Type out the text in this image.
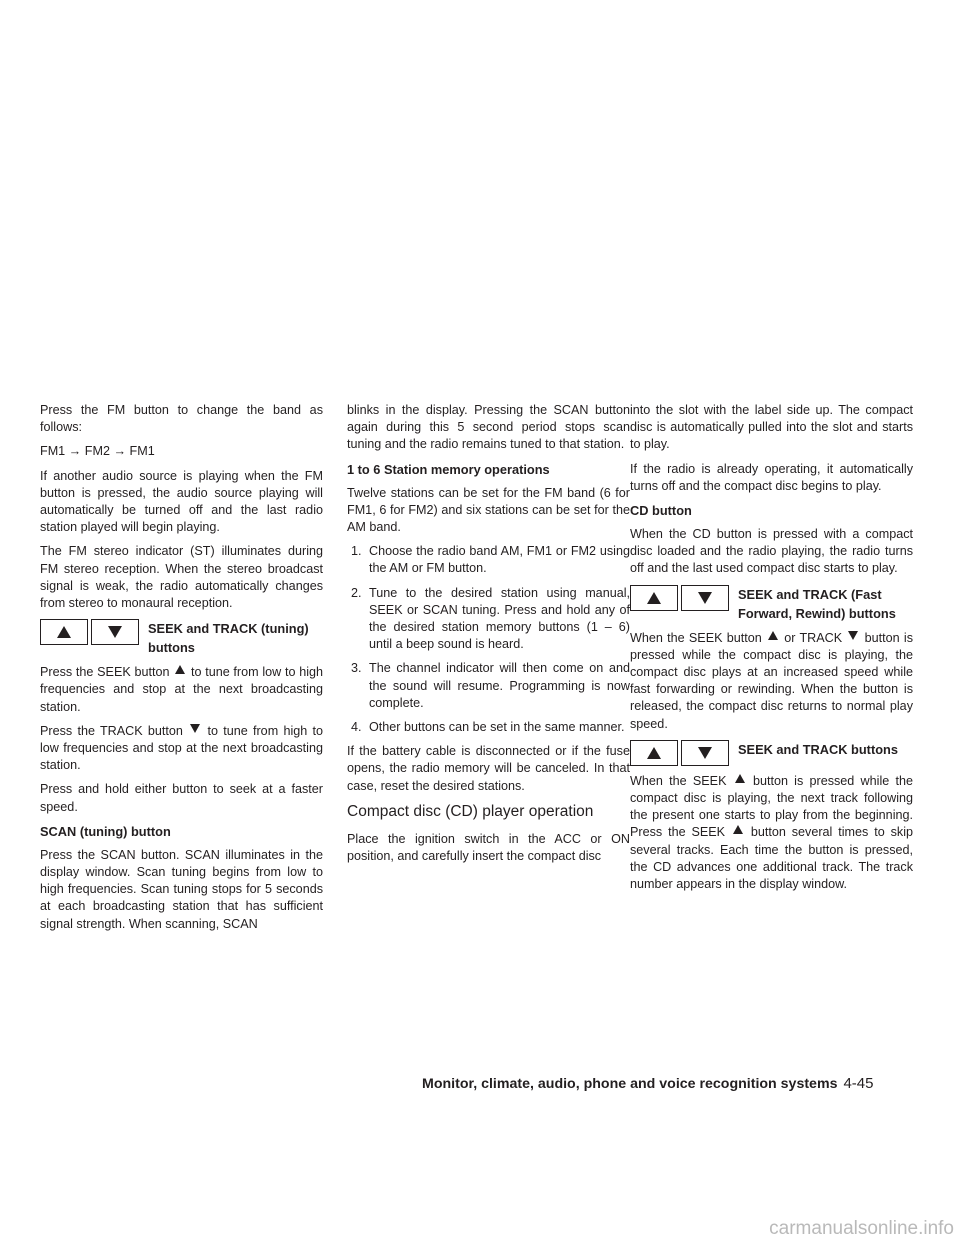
Press the FM button to change the band as follows:

FM1 → FM2 → FM1

If another audio source is playing when the FM button is pressed, the audio source playing will automatically be turned off and the last radio station played will begin playing.

The FM stereo indicator (ST) illuminates during FM stereo reception. When the stereo broadcast signal is weak, the radio automatically changes from stereo to monaural reception.

SEEK and TRACK (tuning)
buttons

Press the SEEK button to tune from low to high frequencies and stop at the next broadcasting station.

Press the TRACK button to tune from high to low frequencies and stop at the next broadcasting station.

Press and hold either button to seek at a faster speed.

SCAN (tuning) button

Press the SCAN button. SCAN illuminates in the display window. Scan tuning begins from low to high frequencies. Scan tuning stops for 5 seconds at each broadcasting station that has sufficient signal strength. When scanning, SCAN

blinks in the display. Pressing the SCAN button again during this 5 second period stops scan tuning and the radio remains tuned to that station.

1 to 6 Station memory operations

Twelve stations can be set for the FM band (6 for FM1, 6 for FM2) and six stations can be set for the AM band.

1. Choose the radio band AM, FM1 or FM2 using the AM or FM button.
2. Tune to the desired station using manual, SEEK or SCAN tuning. Press and hold any of the desired station memory buttons (1 – 6) until a beep sound is heard.
3. The channel indicator will then come on and the sound will resume. Programming is now complete.
4. Other buttons can be set in the same manner.

If the battery cable is disconnected or if the fuse opens, the radio memory will be canceled. In that case, reset the desired stations.

Compact disc (CD) player operation

Place the ignition switch in the ACC or ON position, and carefully insert the compact disc

into the slot with the label side up. The compact disc is automatically pulled into the slot and starts to play.

If the radio is already operating, it automatically turns off and the compact disc begins to play.

CD button

When the CD button is pressed with a compact disc loaded and the radio playing, the radio turns off and the last used compact disc starts to play.

SEEK and TRACK (Fast
Forward, Rewind) buttons

When the SEEK button or TRACK button is pressed while the compact disc is playing, the compact disc plays at an increased speed while fast forwarding or rewinding. When the button is released, the compact disc returns to normal play speed.

SEEK and TRACK buttons

When the SEEK button is pressed while the compact disc is playing, the next track following the present one starts to play from the beginning. Press the SEEK button several times to skip several tracks. Each time the button is pressed, the CD advances one additional track. The track number appears in the display window.

Monitor, climate, audio, phone and voice recognition systems 4-45
carmanualsonline.info
